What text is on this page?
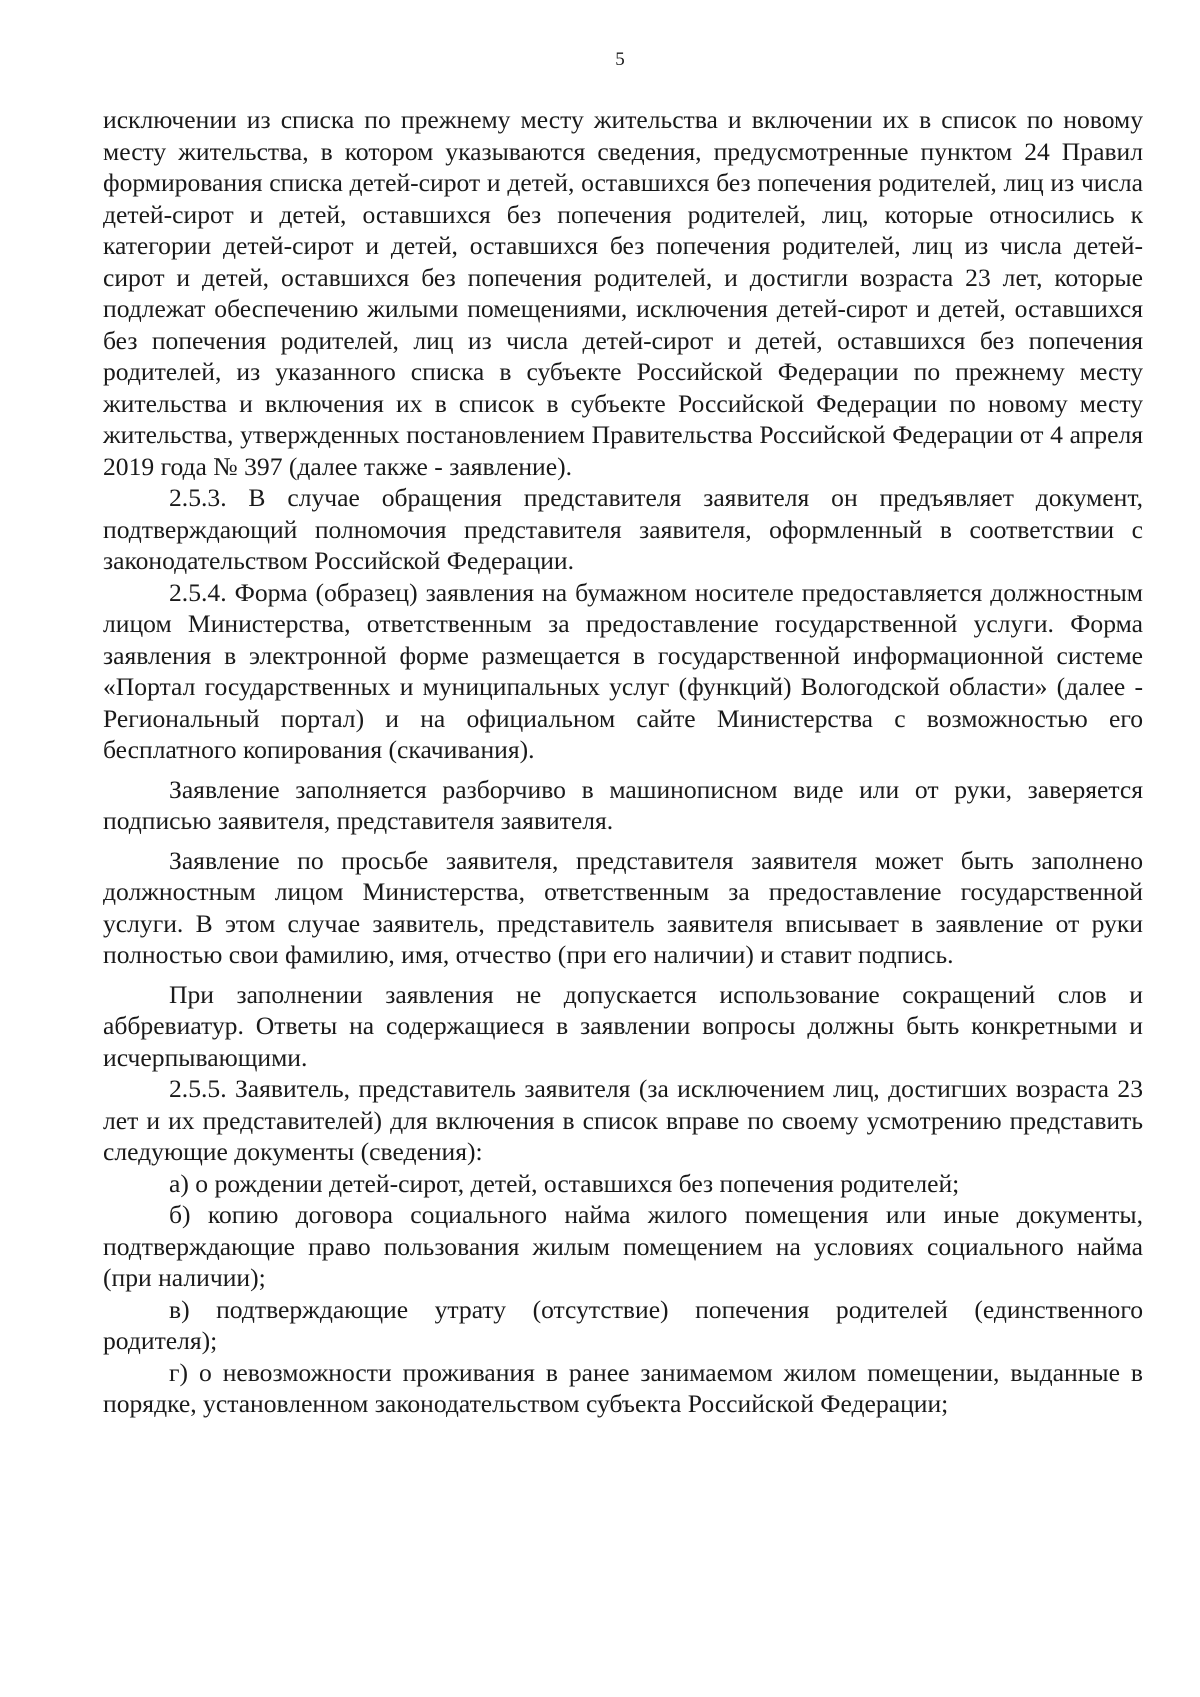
5

исключении из списка по прежнему месту жительства и включении их в список по новому месту жительства, в котором указываются сведения, предусмотренные пунктом 24 Правил формирования списка детей-сирот и детей, оставшихся без попечения родителей, лиц из числа детей-сирот и детей, оставшихся без попечения родителей, лиц, которые относились к категории детей-сирот и детей, оставшихся без попечения родителей, лиц из числа детей-сирот и детей, оставшихся без попечения родителей, и достигли возраста 23 лет, которые подлежат обеспечению жилыми помещениями, исключения детей-сирот и детей, оставшихся без попечения родителей, лиц из числа детей-сирот и детей, оставшихся без попечения родителей, из указанного списка в субъекте Российской Федерации по прежнему месту жительства и включения их в список в субъекте Российской Федерации по новому месту жительства, утвержденных постановлением Правительства Российской Федерации от 4 апреля 2019 года № 397 (далее также - заявление).

2.5.3. В случае обращения представителя заявителя он предъявляет документ, подтверждающий полномочия представителя заявителя, оформленный в соответствии с законодательством Российской Федерации.

2.5.4. Форма (образец) заявления на бумажном носителе предоставляется должностным лицом Министерства, ответственным за предоставление государственной услуги. Форма заявления в электронной форме размещается в государственной информационной системе «Портал государственных и муниципальных услуг (функций) Вологодской области» (далее - Региональный портал) и на официальном сайте Министерства с возможностью его бесплатного копирования (скачивания).

Заявление заполняется разборчиво в машинописном виде или от руки, заверяется подписью заявителя, представителя заявителя.

Заявление по просьбе заявителя, представителя заявителя может быть заполнено должностным лицом Министерства, ответственным за предоставление государственной услуги. В этом случае заявитель, представитель заявителя вписывает в заявление от руки полностью свои фамилию, имя, отчество (при его наличии) и ставит подпись.

При заполнении заявления не допускается использование сокращений слов и аббревиатур. Ответы на содержащиеся в заявлении вопросы должны быть конкретными и исчерпывающими.

2.5.5. Заявитель, представитель заявителя (за исключением лиц, достигших возраста 23 лет и их представителей) для включения в список вправе по своему усмотрению представить следующие документы (сведения):

а) о рождении детей-сирот, детей, оставшихся без попечения родителей;

б) копию договора социального найма жилого помещения или иные документы, подтверждающие право пользования жилым помещением на условиях социального найма (при наличии);

в) подтверждающие утрату (отсутствие) попечения родителей (единственного родителя);

г) о невозможности проживания в ранее занимаемом жилом помещении, выданные в порядке, установленном законодательством субъекта Российской Федерации;
